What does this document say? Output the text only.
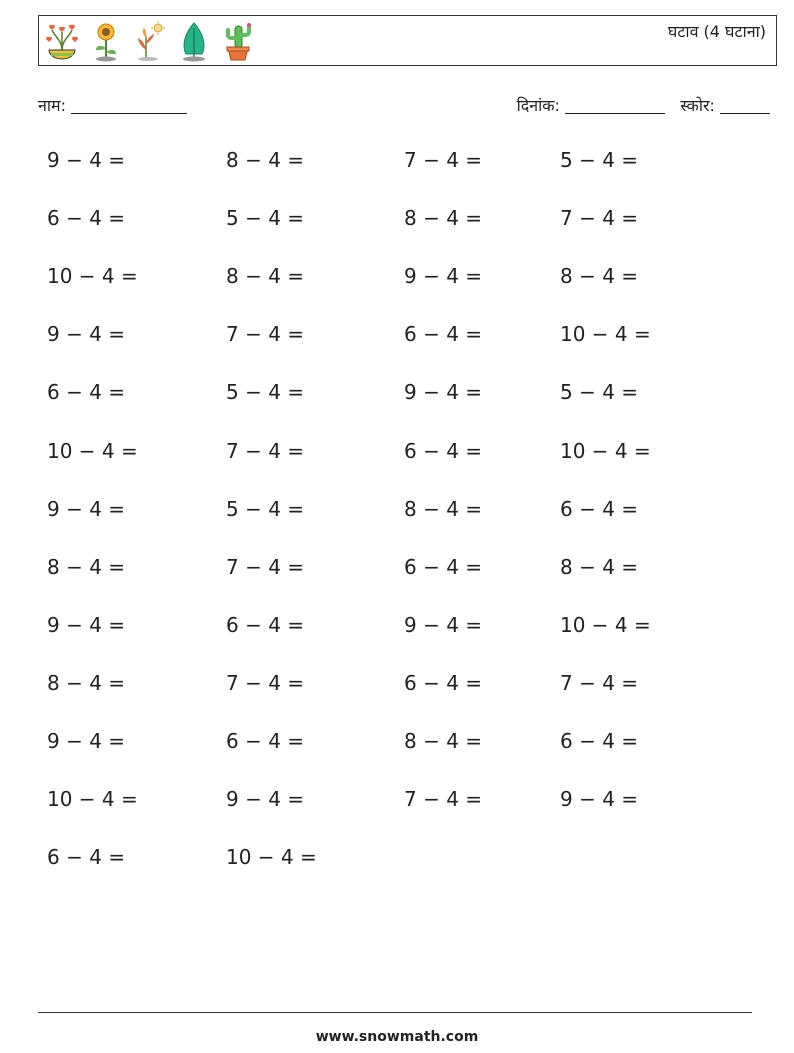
घटाव (4 घटाना)
नाम:	दिनांक:	स्कोर:
9 − 4 =	8 − 4 =	7 − 4 =	5 − 4 =
6 − 4 =	5 − 4 =	8 − 4 =	7 − 4 =
10 − 4 =	8 − 4 =	9 − 4 =	8 − 4 =
9 − 4 =	7 − 4 =	6 − 4 =	10 − 4 =
6 − 4 =	5 − 4 =	9 − 4 =	5 − 4 =
10 − 4 =	7 − 4 =	6 − 4 =	10 − 4 =
9 − 4 =	5 − 4 =	8 − 4 =	6 − 4 =
8 − 4 =	7 − 4 =	6 − 4 =	8 − 4 =
9 − 4 =	6 − 4 =	9 − 4 =	10 − 4 =
8 − 4 =	7 − 4 =	6 − 4 =	7 − 4 =
9 − 4 =	6 − 4 =	8 − 4 =	6 − 4 =
10 − 4 =	9 − 4 =	7 − 4 =	9 − 4 =
6 − 4 =	10 − 4 =
www.snowmath.com
